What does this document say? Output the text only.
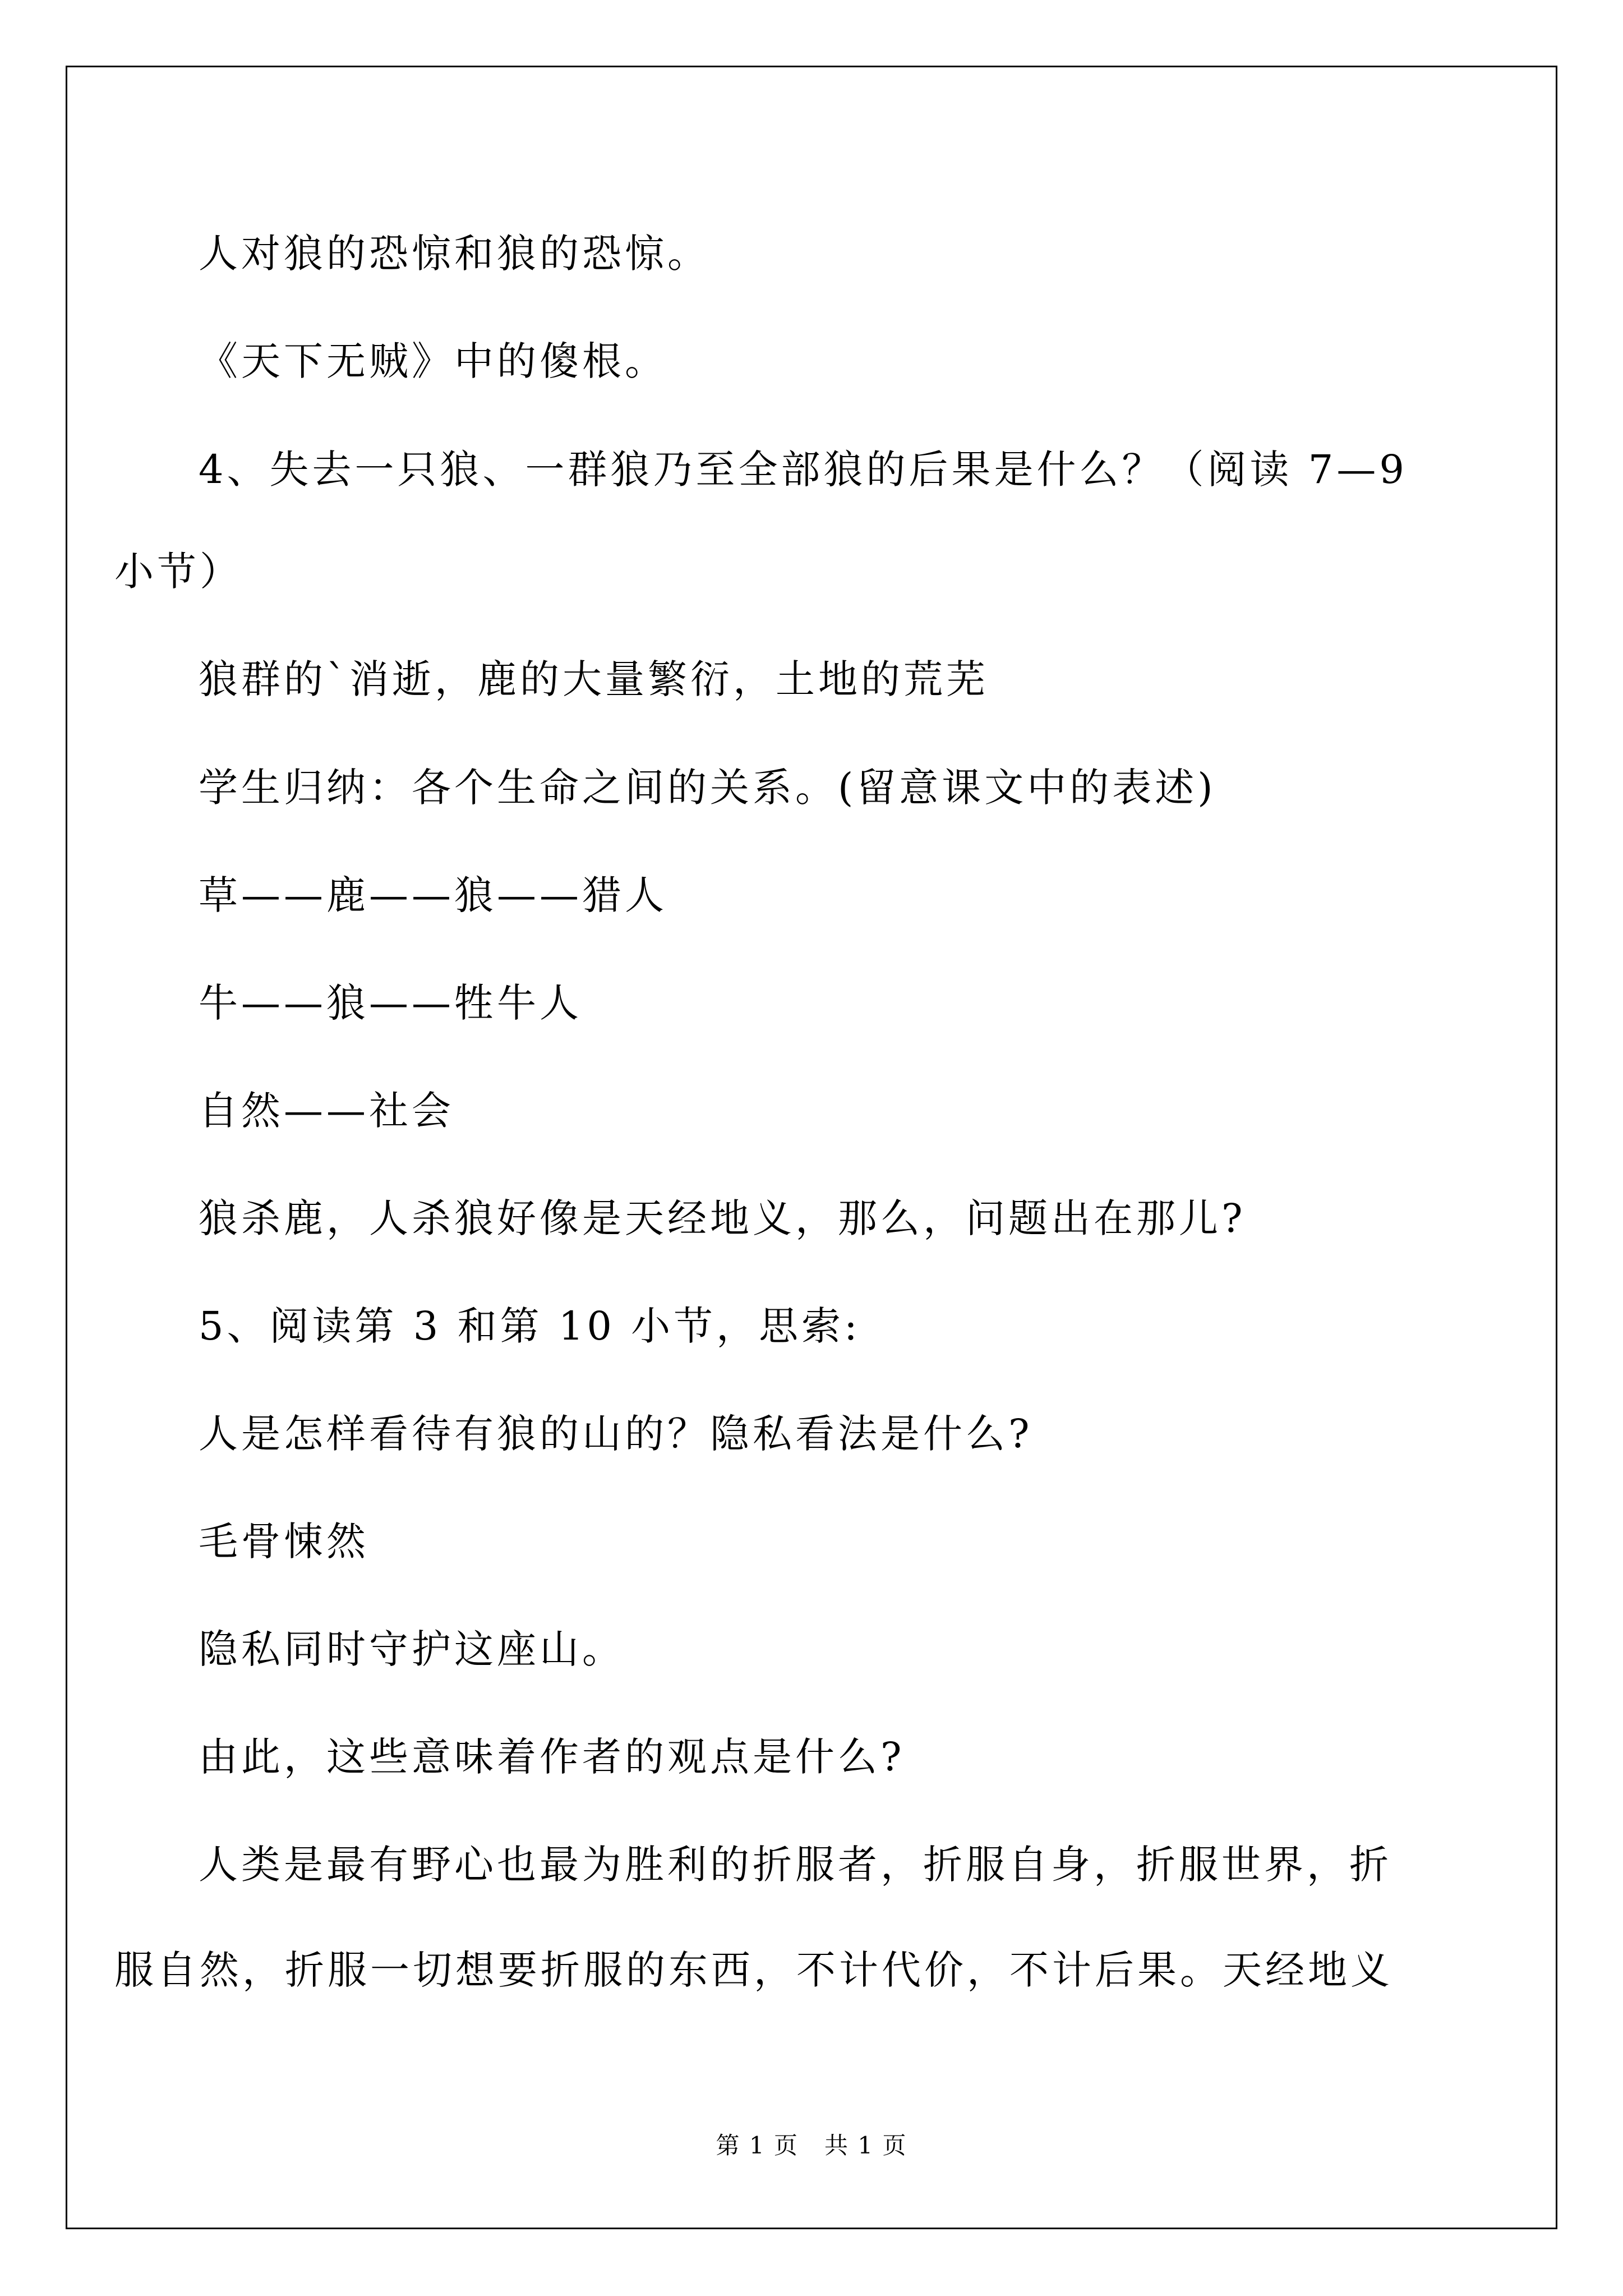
人对狼的恐惊和狼的恐惊。
《天下无贼》中的傻根。
4、失去一只狼、一群狼乃至全部狼的后果是什么？（阅读 7—9
小节）
狼群的`消逝，鹿的大量繁衍，土地的荒芜
学生归纳：各个生命之间的关系。(留意课文中的表述)
草——鹿——狼——猎人
牛——狼——牲牛人
自然——社会
狼杀鹿，人杀狼好像是天经地义，那么，问题出在那儿?
5、阅读第 3 和第 10 小节，思索:
人是怎样看待有狼的山的？隐私看法是什么?
毛骨悚然
隐私同时守护这座山。
由此，这些意味着作者的观点是什么?
人类是最有野心也最为胜利的折服者，折服自身，折服世界，折
服自然，折服一切想要折服的东西，不计代价，不计后果。天经地义
第 1 页   共 1 页
